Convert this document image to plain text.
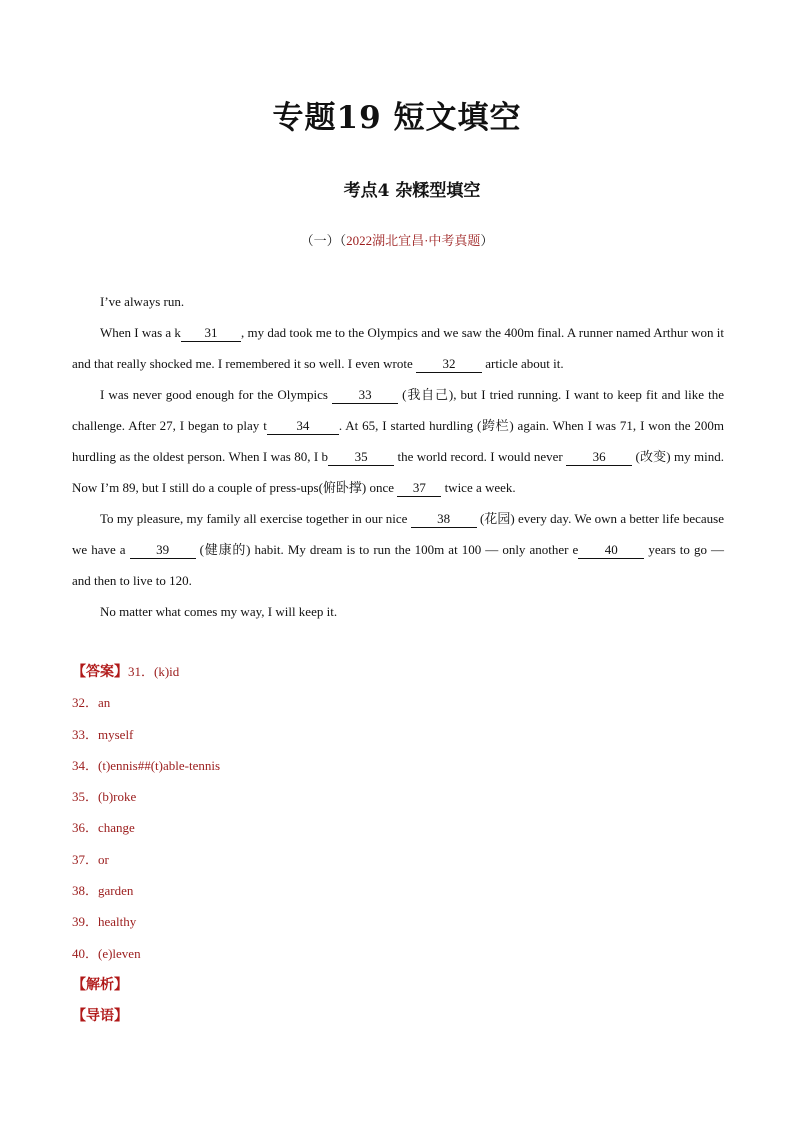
专题19 短文填空
考点4 杂糅型填空
（一）（2022湖北宜昌·中考真题）

I’ve always run.

When I was a k 31 , my dad took me to the Olympics and we saw the 400m final. A runner named Arthur won it and that really shocked me. I remembered it so well. I even wrote 32 article about it.

I was never good enough for the Olympics 33 (我自己), but I tried running. I want to keep fit and like the challenge. After 27, I began to play t 34 . At 65, I started hurdling (跨栏) again. When I was 71, I won the 200m hurdling as the oldest person. When I was 80, I b 35 the world record. I would never 36 (改变) my mind. Now I’m 89, but I still do a couple of press-ups(俯卧撑) once 37 twice a week.

To my pleasure, my family all exercise together in our nice 38 (花园) every day. We own a better life because we have a 39 (健康的) habit. My dream is to run the 100m at 100 — only another e 40 years to go — and then to live to 120.

No matter what comes my way, I will keep it.

【答案】31．(k)id
32．an
33．myself
34．(t)ennis##(t)able-tennis
35．(b)roke
36．change
37．or
38．garden
39．healthy
40．(e)leven
【解析】
【导语】
